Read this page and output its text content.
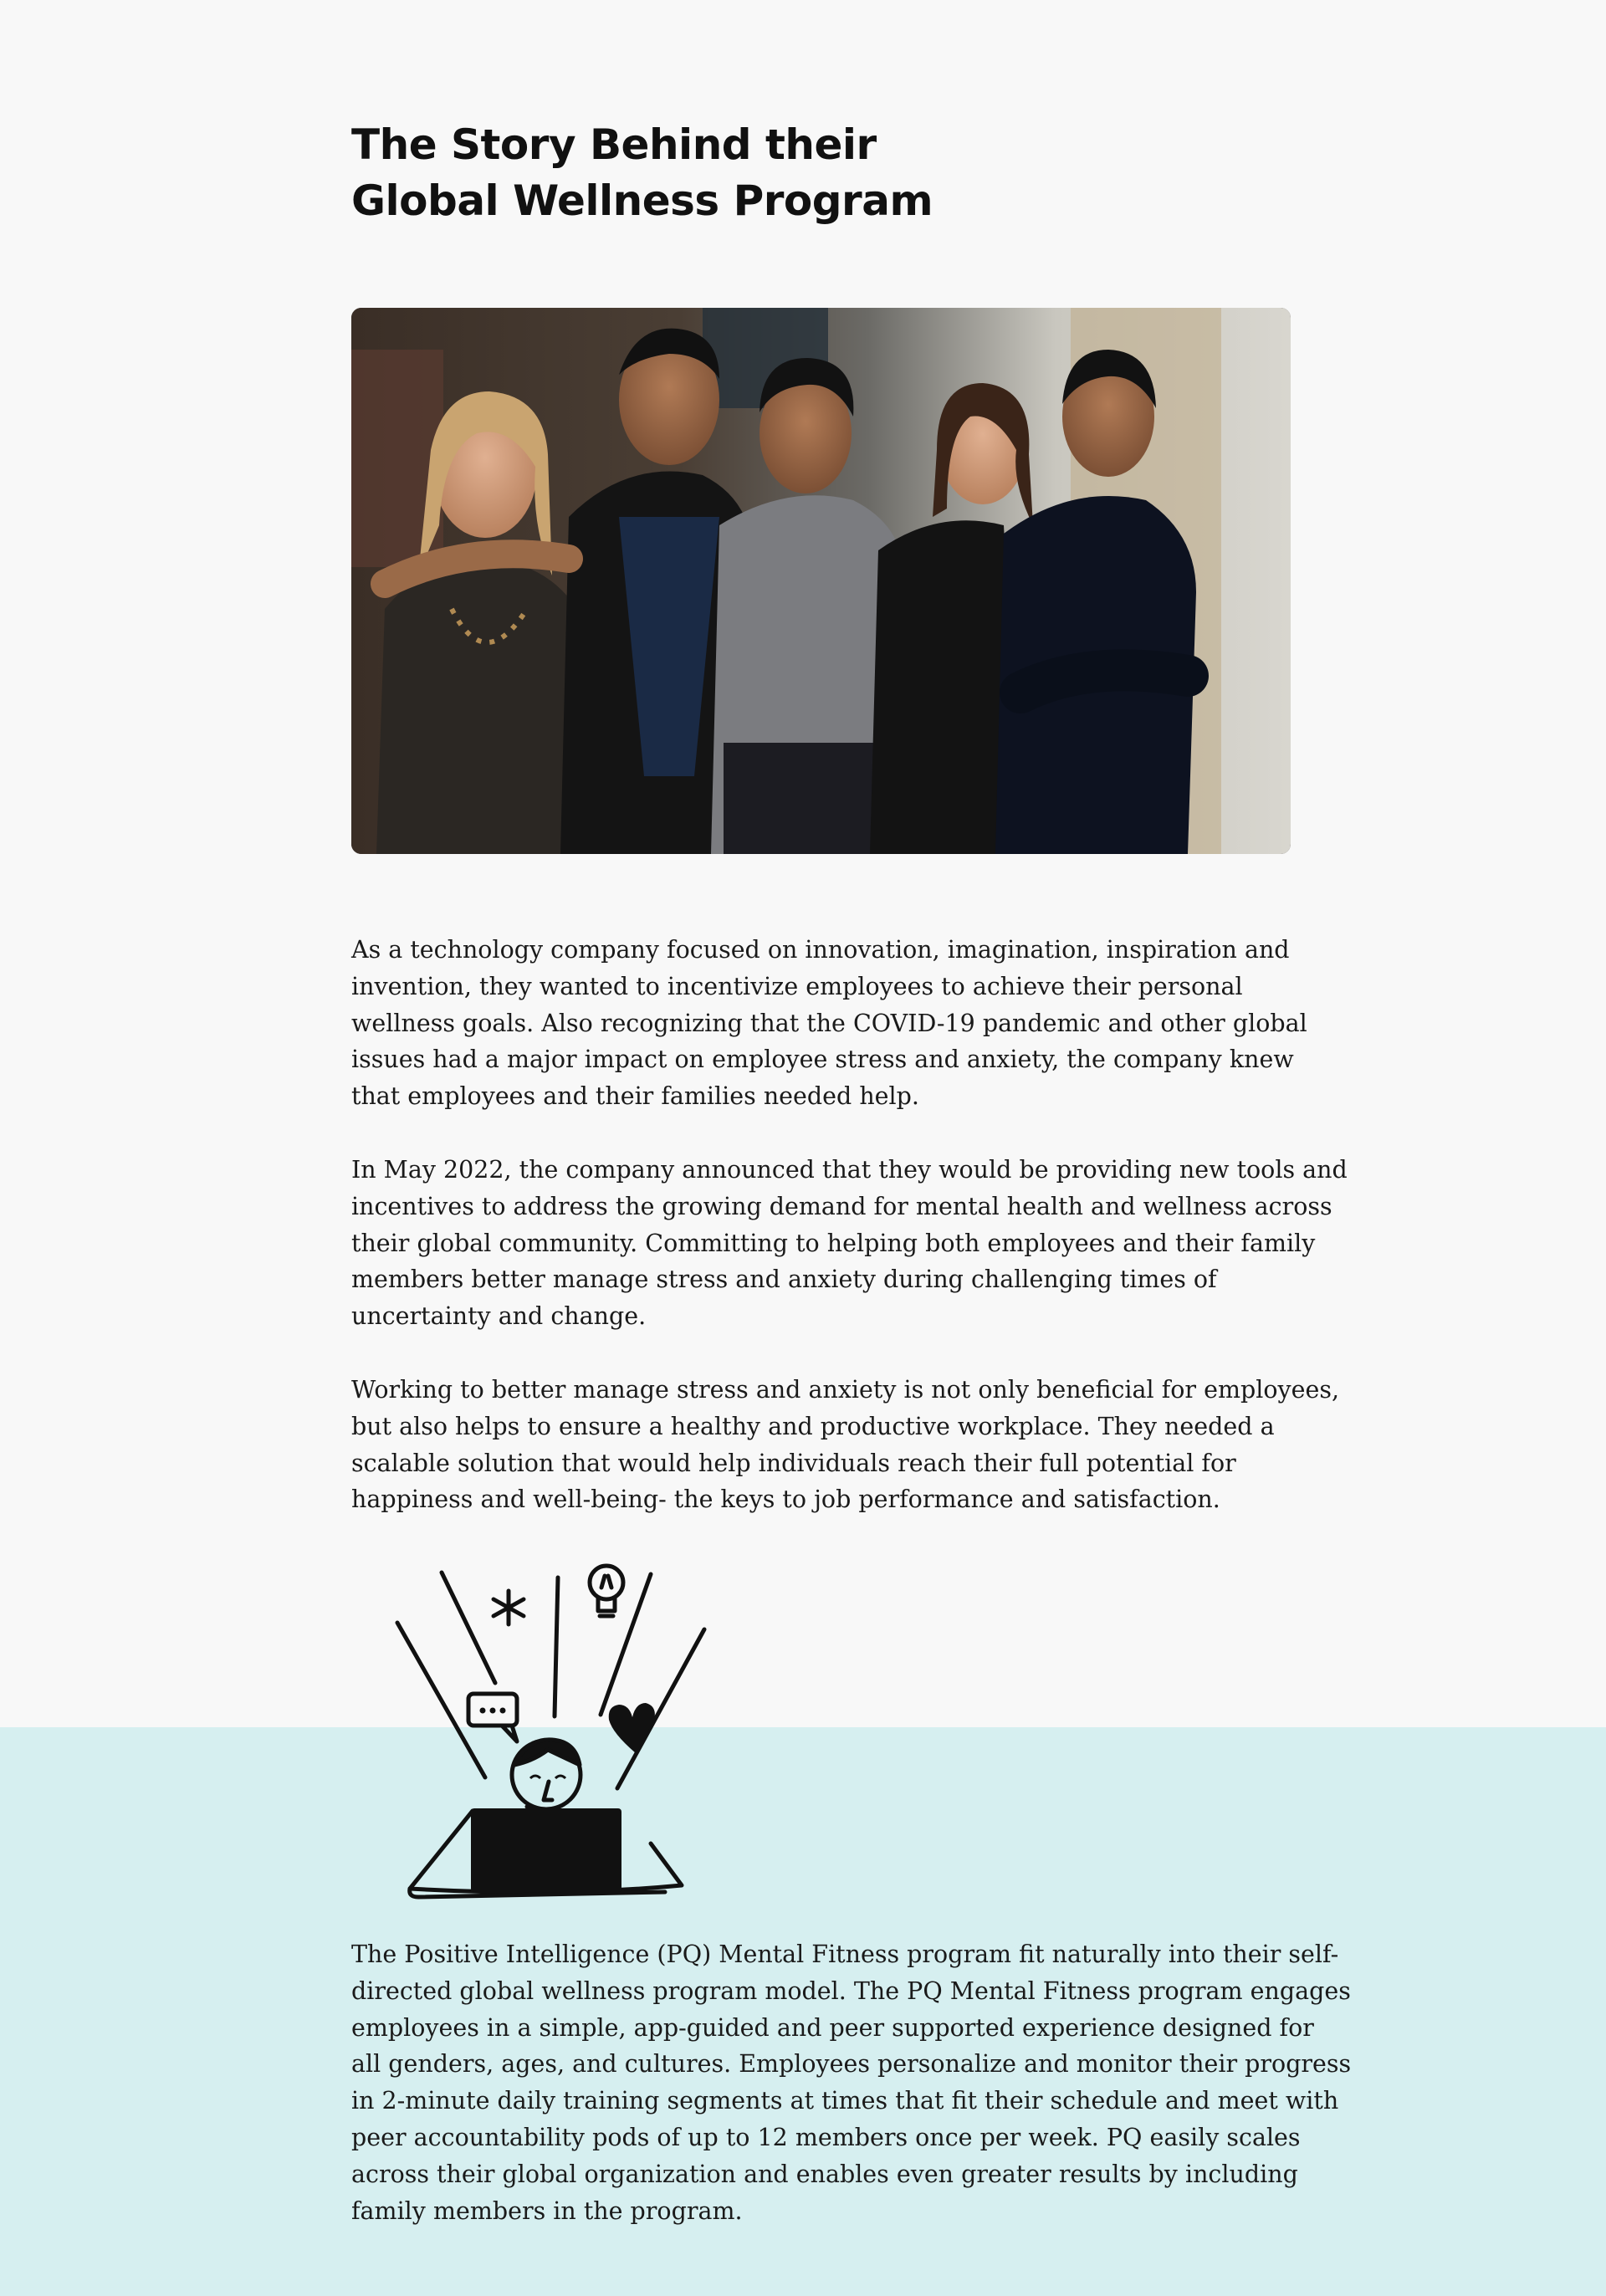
The Story Behind their
Global Wellness Program

As a technology company focused on innovation, imagination, inspiration and
invention, they wanted to incentivize employees to achieve their personal
wellness goals. Also recognizing that the COVID-19 pandemic and other global
issues had a major impact on employee stress and anxiety, the company knew
that employees and their families needed help.

In May 2022, the company announced that they would be providing new tools and
incentives to address the growing demand for mental health and wellness across
their global community. Committing to helping both employees and their family
members better manage stress and anxiety during challenging times of
uncertainty and change.

Working to better manage stress and anxiety is not only beneficial for employees,
but also helps to ensure a healthy and productive workplace. They needed a
scalable solution that would help individuals reach their full potential for
happiness and well-being- the keys to job performance and satisfaction.

The Positive Intelligence (PQ) Mental Fitness program fit naturally into their self-
directed global wellness program model. The PQ Mental Fitness program engages
employees in a simple, app-guided and peer supported experience designed for
all genders, ages, and cultures. Employees personalize and monitor their progress
in 2-minute daily training segments at times that fit their schedule and meet with
peer accountability pods of up to 12 members once per week. PQ easily scales
across their global organization and enables even greater results by including
family members in the program.
